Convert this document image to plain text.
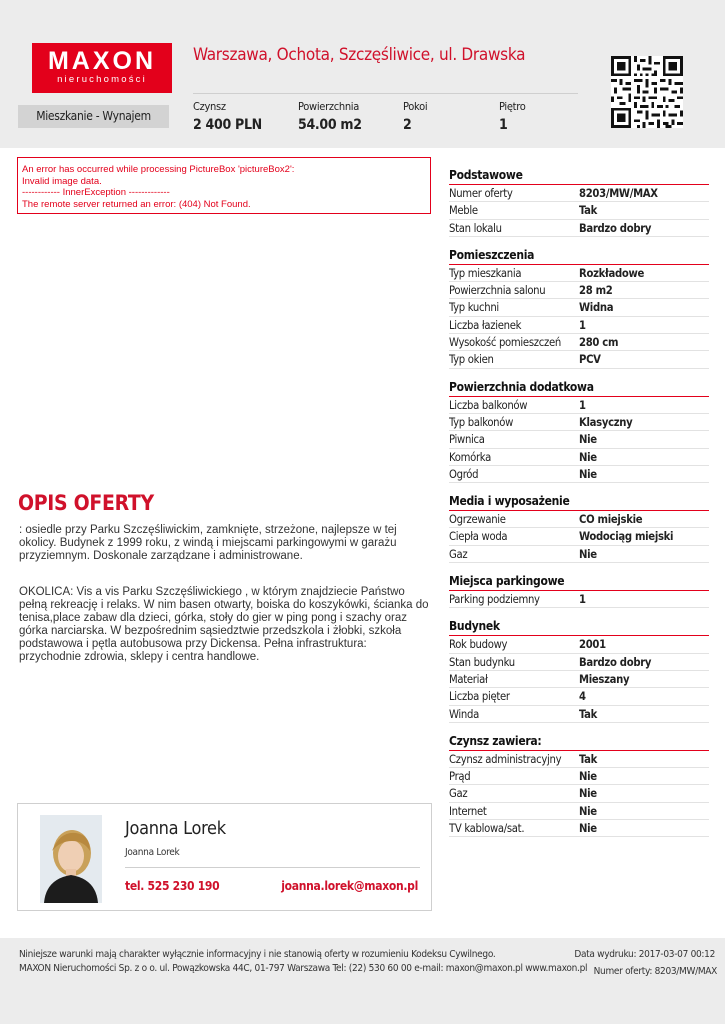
MAXON
nieruchomości
Warszawa, Ochota, Szczęśliwice, ul. Drawska
Mieszkanie - Wynajem
Czynsz
2 400 PLN
Powierzchnia
54.00 m2
Pokoi
2
Piętro
1
An error has occurred while processing PictureBox 'pictureBox2':
Invalid image data.
------------ InnerException -------------
The remote server returned an error: (404) Not Found.
OPIS OFERTY

: osiedle przy Parku Szczęśliwickim, zamknięte, strzeżone, najlepsze w tej okolicy. Budynek z 1999 roku, z windą i miejscami parkingowymi w garażu przyziemnym. Doskonale zarządzane i administrowane.

OKOLICA: Vis a vis Parku Szczęśliwickiego , w którym znajdziecie Państwo pełną rekreację i relaks. W nim basen otwarty, boiska do koszykówki, ścianka do tenisa,place zabaw dla dzieci, górka, stoły do gier w ping pong i szachy oraz górka narciarska. W bezpośrednim sąsiedztwie przedszkola i żłobki, szkoła podstawowa i pętla autobusowa przy Dickensa. Pełna infrastruktura: przychodnie zdrowia, sklepy i centra handlowe.

Joanna Lorek
Joanna Lorek
tel. 525 230 190	joanna.lorek@maxon.pl
Podstawowe
Numer oferty	8203/MW/MAX
Meble	Tak
Stan lokalu	Bardzo dobry
Pomieszczenia
Typ mieszkania	Rozkładowe
Powierzchnia salonu	28 m2
Typ kuchni	Widna
Liczba łazienek	1
Wysokość pomieszczeń	280 cm
Typ okien	PCV
Powierzchnia dodatkowa
Liczba balkonów	1
Typ balkonów	Klasyczny
Piwnica	Nie
Komórka	Nie
Ogród	Nie
Media i wyposażenie
Ogrzewanie	CO miejskie
Ciepła woda	Wodociąg miejski
Gaz	Nie
Miejsca parkingowe
Parking podziemny	1
Budynek
Rok budowy	2001
Stan budynku	Bardzo dobry
Materiał	Mieszany
Liczba pięter	4
Winda	Tak
Czynsz zawiera:
Czynsz administracyjny	Tak
Prąd	Nie
Gaz	Nie
Internet	Nie
TV kablowa/sat.	Nie
Niniejsze warunki mają charakter wyłącznie informacyjny i nie stanowią oferty w rozumieniu Kodeksu Cywilnego.
MAXON Nieruchomości Sp. z o o. ul. Powązkowska 44C, 01-797 Warszawa Tel: (22) 530 60 00 e-mail: maxon@maxon.pl www.maxon.pl
Data wydruku: 2017-03-07 00:12
Numer oferty: 8203/MW/MAX
